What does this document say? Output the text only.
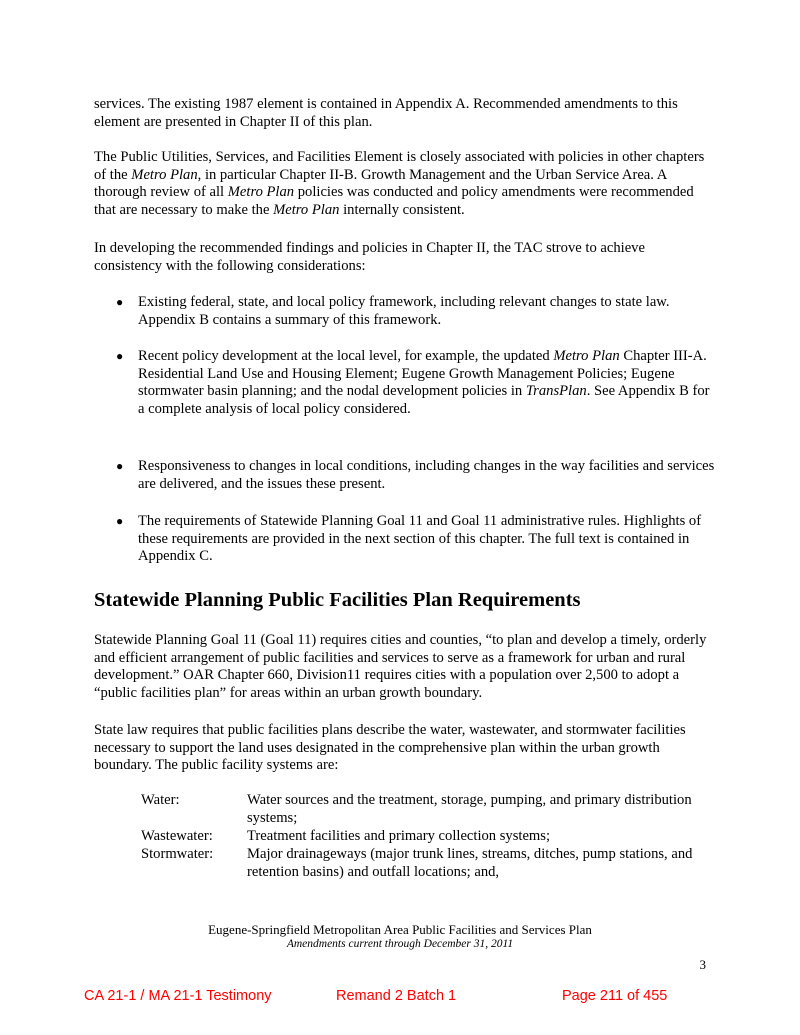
services. The existing 1987 element is contained in Appendix A. Recommended amendments to this element are presented in Chapter II of this plan.

The Public Utilities, Services, and Facilities Element is closely associated with policies in other chapters of the Metro Plan, in particular Chapter II-B. Growth Management and the Urban Service Area. A thorough review of all Metro Plan policies was conducted and policy amendments were recommended that are necessary to make the Metro Plan internally consistent.

In developing the recommended findings and policies in Chapter II, the TAC strove to achieve consistency with the following considerations:

● Existing federal, state, and local policy framework, including relevant changes to state law. Appendix B contains a summary of this framework.

● Recent policy development at the local level, for example, the updated Metro Plan Chapter III-A. Residential Land Use and Housing Element; Eugene Growth Management Policies; Eugene stormwater basin planning; and the nodal development policies in TransPlan. See Appendix B for a complete analysis of local policy considered.

● Responsiveness to changes in local conditions, including changes in the way facilities and services are delivered, and the issues these present.

● The requirements of Statewide Planning Goal 11 and Goal 11 administrative rules. Highlights of these requirements are provided in the next section of this chapter. The full text is contained in Appendix C.

Statewide Planning Public Facilities Plan Requirements

Statewide Planning Goal 11 (Goal 11) requires cities and counties, “to plan and develop a timely, orderly and efficient arrangement of public facilities and services to serve as a framework for urban and rural development.” OAR Chapter 660, Division11 requires cities with a population over 2,500 to adopt a “public facilities plan” for areas within an urban growth boundary.

State law requires that public facilities plans describe the water, wastewater, and stormwater facilities necessary to support the land uses designated in the comprehensive plan within the urban growth boundary. The public facility systems are:

Water:	Water sources and the treatment, storage, pumping, and primary distribution systems;

Wastewater: Treatment facilities and primary collection systems;

Stormwater: Major drainageways (major trunk lines, streams, ditches, pump stations, and retention basins) and outfall locations; and,

Eugene-Springfield Metropolitan Area Public Facilities and Services Plan
Amendments current through December 31, 2011
3
CA 21-1 / MA 21-1 Testimony	Remand 2 Batch 1	Page 211 of 455
